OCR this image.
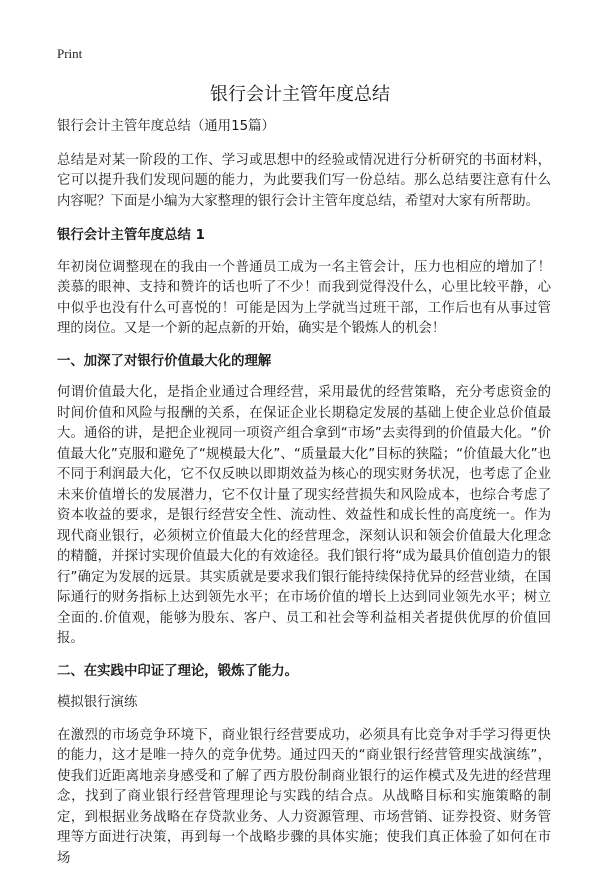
Print
银行会计主管年度总结

银行会计主管年度总结（通用15篇）

总结是对某一阶段的工作、学习或思想中的经验或情况进行分析研究的书面材料，它可以提升我们发现问题的能力，为此要我们写一份总结。那么总结要注意有什么内容呢？下面是小编为大家整理的银行会计主管年度总结，希望对大家有所帮助。

银行会计主管年度总结 1

年初岗位调整现在的我由一个普通员工成为一名主管会计，压力也相应的增加了！羡慕的眼神、支持和赞许的话也听了不少！而我到觉得没什么，心里比较平静，心中似乎也没有什么可喜悦的！可能是因为上学就当过班干部，工作后也有从事过管理的岗位。又是一个新的起点新的开始，确实是个锻炼人的机会！

一、加深了对银行价值最大化的理解

何谓价值最大化，是指企业通过合理经营，采用最优的经营策略，充分考虑资金的时间价值和风险与报酬的关系，在保证企业长期稳定发展的基础上使企业总价值最大。通俗的讲，是把企业视同一项资产组合拿到“市场”去卖得到的价值最大化。“价值最大化”克服和避免了“规模最大化”、“质量最大化”目标的狭隘；“价值最大化”也不同于利润最大化，它不仅反映以即期效益为核心的现实财务状况，也考虑了企业未来价值增长的发展潜力，它不仅计量了现实经营损失和风险成本，也综合考虑了资本收益的要求，是银行经营安全性、流动性、效益性和成长性的高度统一。作为现代商业银行，必须树立价值最大化的经营理念，深刻认识和领会价值最大化理念的精髓，并探讨实现价值最大化的有效途径。我们银行将“成为最具价值创造力的银行”确定为发展的远景。其实质就是要求我们银行能持续保持优异的经营业绩，在国际通行的财务指标上达到领先水平；在市场价值的增长上达到同业领先水平；树立全面的.价值观，能够为股东、客户、员工和社会等利益相关者提供优厚的价值回报。

二、在实践中印证了理论，锻炼了能力。

模拟银行演练

在激烈的市场竞争环境下，商业银行经营要成功，必须具有比竞争对手学习得更快的能力，这才是唯一持久的竞争优势。通过四天的“商业银行经营管理实战演练”，使我们近距离地亲身感受和了解了西方股份制商业银行的运作模式及先进的经营理念，找到了商业银行经营管理理论与实践的结合点。从战略目标和实施策略的制定，到根据业务战略在存贷款业务、人力资源管理、市场营销、证券投资、财务管理等方面进行决策，再到每一个战略步骤的具体实施；使我们真正体验了如何在市场
